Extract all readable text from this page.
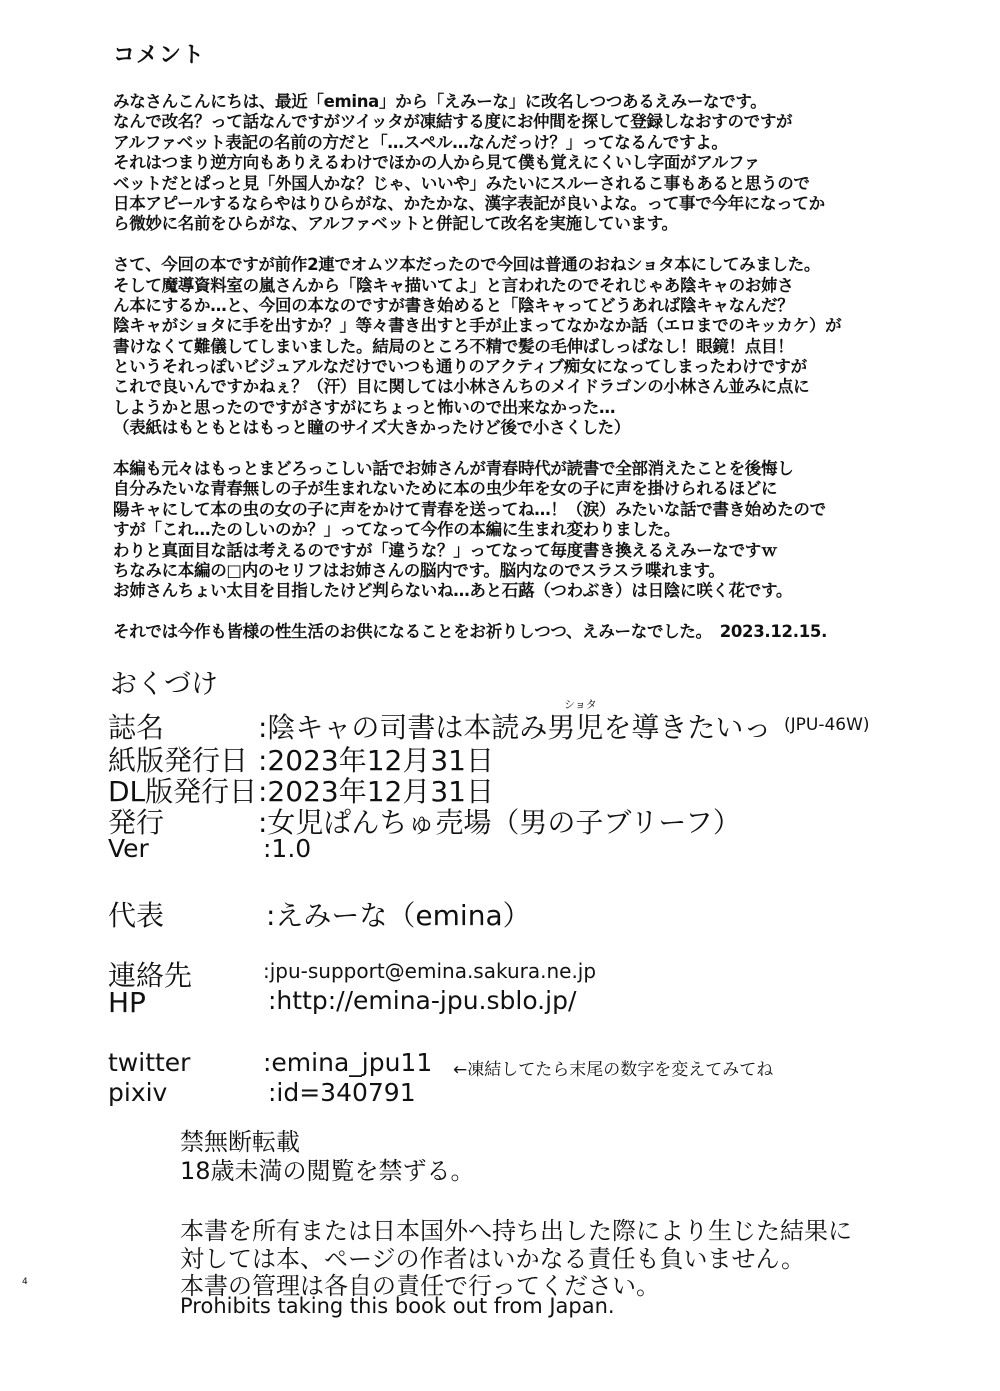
コメント
みなさんこんにちは、最近「emina」から「えみーな」に改名しつつあるえみーなです。
なんで改名？って話なんですがツイッタが凍結する度にお仲間を探して登録しなおすのですが
アルファベット表記の名前の方だと「…スペル…なんだっけ？」ってなるんですよ。
それはつまり逆方向もありえるわけでほかの人から見て僕も覚えにくいし字面がアルファ
ベットだとぱっと見「外国人かな？じゃ、いいや」みたいにスルーされるこ事もあると思うので
日本アピールするならやはりひらがな、かたかな、漢字表記が良いよな。って事で今年になってか
ら微妙に名前をひらがな、アルファベットと併記して改名を実施しています。
さて、今回の本ですが前作2連でオムツ本だったので今回は普通のおねショタ本にしてみました。
そして魔導資料室の嵐さんから「陰キャ描いてよ」と言われたのでそれじゃあ陰キャのお姉さ
ん本にするか…と、今回の本なのですが書き始めると「陰キャってどうあれば陰キャなんだ？
陰キャがショタに手を出すか？」等々書き出すと手が止まってなかなか話（エロまでのキッカケ）が
書けなくて難儀してしまいました。結局のところ不精で髪の毛伸ばしっぱなし！眼鏡！点目！
というそれっぽいビジュアルなだけでいつも通りのアクティブ痴女になってしまったわけですが
これで良いんですかねぇ？（汗）目に関しては小林さんちのメイドラゴンの小林さん並みに点に
しようかと思ったのですがさすがにちょっと怖いので出来なかった…
（表紙はもともとはもっと瞳のサイズ大きかったけど後で小さくした）
本編も元々はもっとまどろっこしい話でお姉さんが青春時代が読書で全部消えたことを後悔し
自分みたいな青春無しの子が生まれないために本の虫少年を女の子に声を掛けられるほどに
陽キャにして本の虫の女の子に声をかけて青春を送ってね…！（涙）みたいな話で書き始めたので
すが「これ…たのしいのか？」ってなって今作の本編に生まれ変わりました。
わりと真面目な話は考えるのですが「違うな？」ってなって毎度書き換えるえみーなですｗ
ちなみに本編の□内のセリフはお姉さんの脳内です。脳内なのでスラスラ喋れます。
お姉さんちょい太目を目指したけど判らないね…あと石蕗（つわぶき）は日陰に咲く花です。
それでは今作も皆様の性生活のお供になることをお祈りしつつ、えみーなでした。　2023.12.15.
おくづけ
誌名	:陰キャの司書は本読み男児を導きたいっ (JPU-46W)
ショタ
紙版発行日 :2023年12月31日
DL版発行日 :2023年12月31日
発行	:女児ぱんちゅ売場（男の子ブリーフ）
Ver	:1.0
代表	:えみーな（emina）
連絡先	:jpu-support@emina.sakura.ne.jp
HP	:http://emina-jpu.sblo.jp/
twitter	:emina_jpu11 ←凍結してたら末尾の数字を変えてみてね
pixiv	:id=340791
禁無断転載
18歳未満の閲覧を禁ずる。
本書を所有または日本国外へ持ち出した際により生じた結果に
対しては本、ページの作者はいかなる責任も負いません。
本書の管理は各自の責任で行ってください。
Prohibits taking this book out from Japan.
4
